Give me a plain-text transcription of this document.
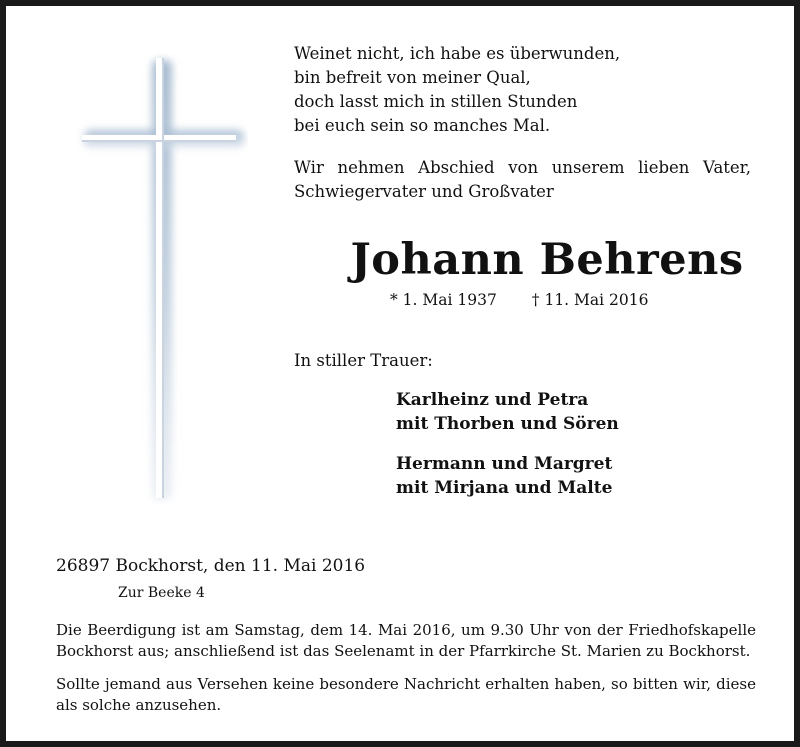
Weinet nicht, ich habe es überwunden,
bin befreit von meiner Qual,
doch lasst mich in stillen Stunden
bei euch sein so manches Mal.
Wir nehmen Abschied von unserem lieben Vater,
Schwiegervater und Großvater
Johann Behrens
* 1. Mai 1937 † 11. Mai 2016
In stiller Trauer:
Karlheinz und Petra
mit Thorben und Sören
Hermann und Margret
mit Mirjana und Malte
26897 Bockhorst, den 11. Mai 2016
Zur Beeke 4
Die Beerdigung ist am Samstag, dem 14. Mai 2016, um 9.30 Uhr von der Friedhofskapelle Bockhorst aus; anschließend ist das Seelenamt in der Pfarrkirche St. Marien zu Bockhorst.
Sollte jemand aus Versehen keine besondere Nachricht erhalten haben, so bitten wir, diese als solche anzusehen.
